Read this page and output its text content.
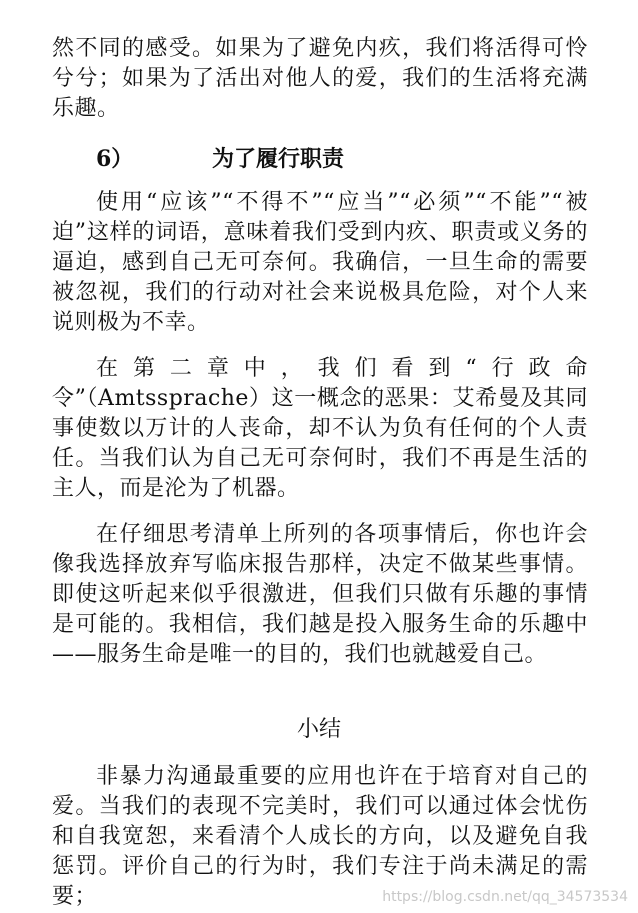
然不同的感受。如果为了避免内疚，我们将活得可怜兮兮；如果为了活出对他人的爱，我们的生活将充满乐趣。

6）	为了履行职责

使用“应该”“不得不”“应当”“必须”“不能”“被迫”这样的词语，意味着我们受到内疚、职责或义务的逼迫，感到自己无可奈何。我确信，一旦生命的需要被忽视，我们的行动对社会来说极具危险，对个人来说则极为不幸。

在第二章中，我们看到“行政命令”（Amtssprache）这一概念的恶果：艾希曼及其同事使数以万计的人丧命，却不认为负有任何的个人责任。当我们认为自己无可奈何时，我们不再是生活的主人，而是沦为了机器。

在仔细思考清单上所列的各项事情后，你也许会像我选择放弃写临床报告那样，决定不做某些事情。即使这听起来似乎很激进，但我们只做有乐趣的事情是可能的。我相信，我们越是投入服务生命的乐趣中——服务生命是唯一的目的，我们也就越爱自己。

小结

非暴力沟通最重要的应用也许在于培育对自己的爱。当我们的表现不完美时，我们可以通过体会忧伤和自我宽恕，来看清个人成长的方向，以及避免自我惩罚。评价自己的行为时，我们专注于尚未满足的需要；	https://blog.csdn.net/qq_34573534
